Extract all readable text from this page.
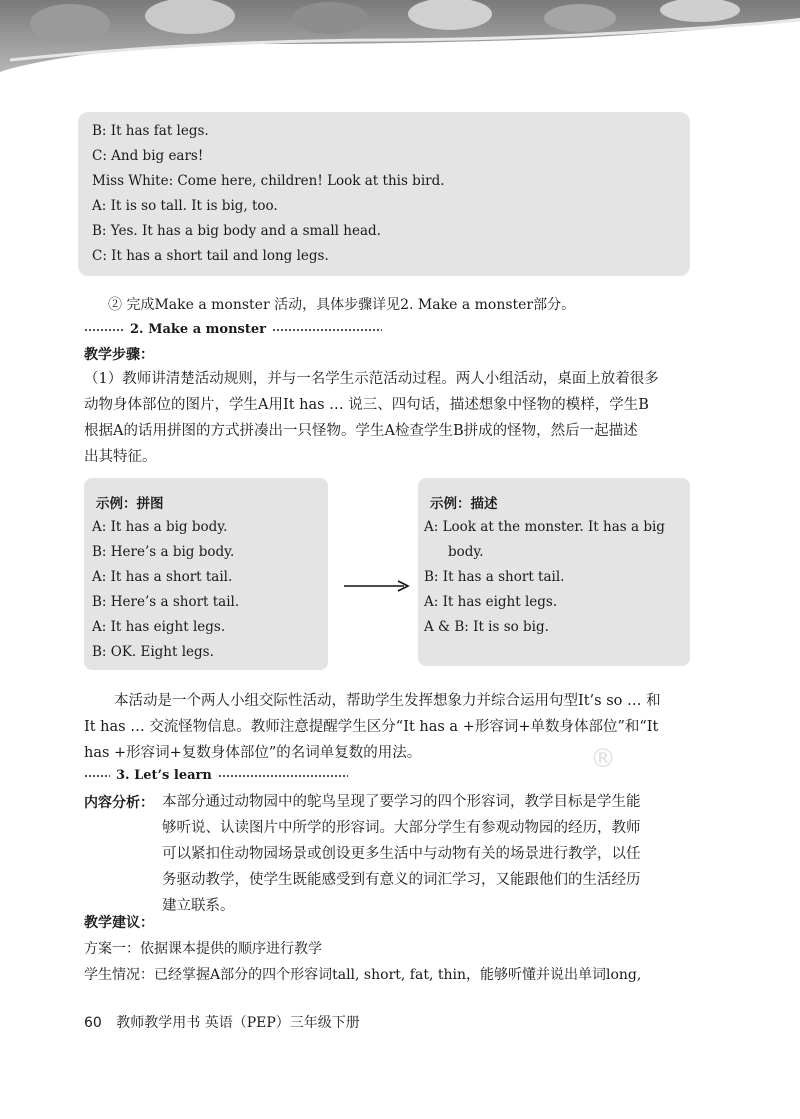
B: It has fat legs.
C: And big ears!
Miss White: Come here, children! Look at this bird.
A: It is so tall. It is big, too.
B: Yes. It has a big body and a small head.
C: It has a short tail and long legs.
② 完成Make a monster 活动，具体步骤详见2. Make a monster部分。
2. Make a monster
教学步骤：
（1）教师讲清楚活动规则，并与一名学生示范活动过程。两人小组活动，桌面上放着很多
动物身体部位的图片，学生A用It has … 说三、四句话，描述想象中怪物的模样，学生B
根据A的话用拼图的方式拼凑出一只怪物。学生A检查学生B拼成的怪物，然后一起描述
出其特征。
示例：拼图
A: It has a big body.
B: Here’s a big body.
A: It has a short tail.
B: Here’s a short tail.
A: It has eight legs.
B: OK. Eight legs.
示例：描述
A: Look at the monster. It has a big
body.
B: It has a short tail.
A: It has eight legs.
A & B: It is so big.
®
本活动是一个两人小组交际性活动，帮助学生发挥想象力并综合运用句型It’s so … 和
It has … 交流怪物信息。教师注意提醒学生区分“It has a +形容词+单数身体部位”和“It
has +形容词+复数身体部位”的名词单复数的用法。
3. Let’s learn
内容分析： 本部分通过动物园中的鸵鸟呈现了要学习的四个形容词，教学目标是学生能
够听说、认读图片中所学的形容词。大部分学生有参观动物园的经历，教师
可以紧扣住动物园场景或创设更多生活中与动物有关的场景进行教学，以任
务驱动教学，使学生既能感受到有意义的词汇学习，又能跟他们的生活经历
建立联系。
教学建议：
方案一：依据课本提供的顺序进行教学
学生情况：已经掌握A部分的四个形容词tall, short, fat, thin，能够听懂并说出单词long,
60 教师教学用书 英语（PEP）三年级下册
